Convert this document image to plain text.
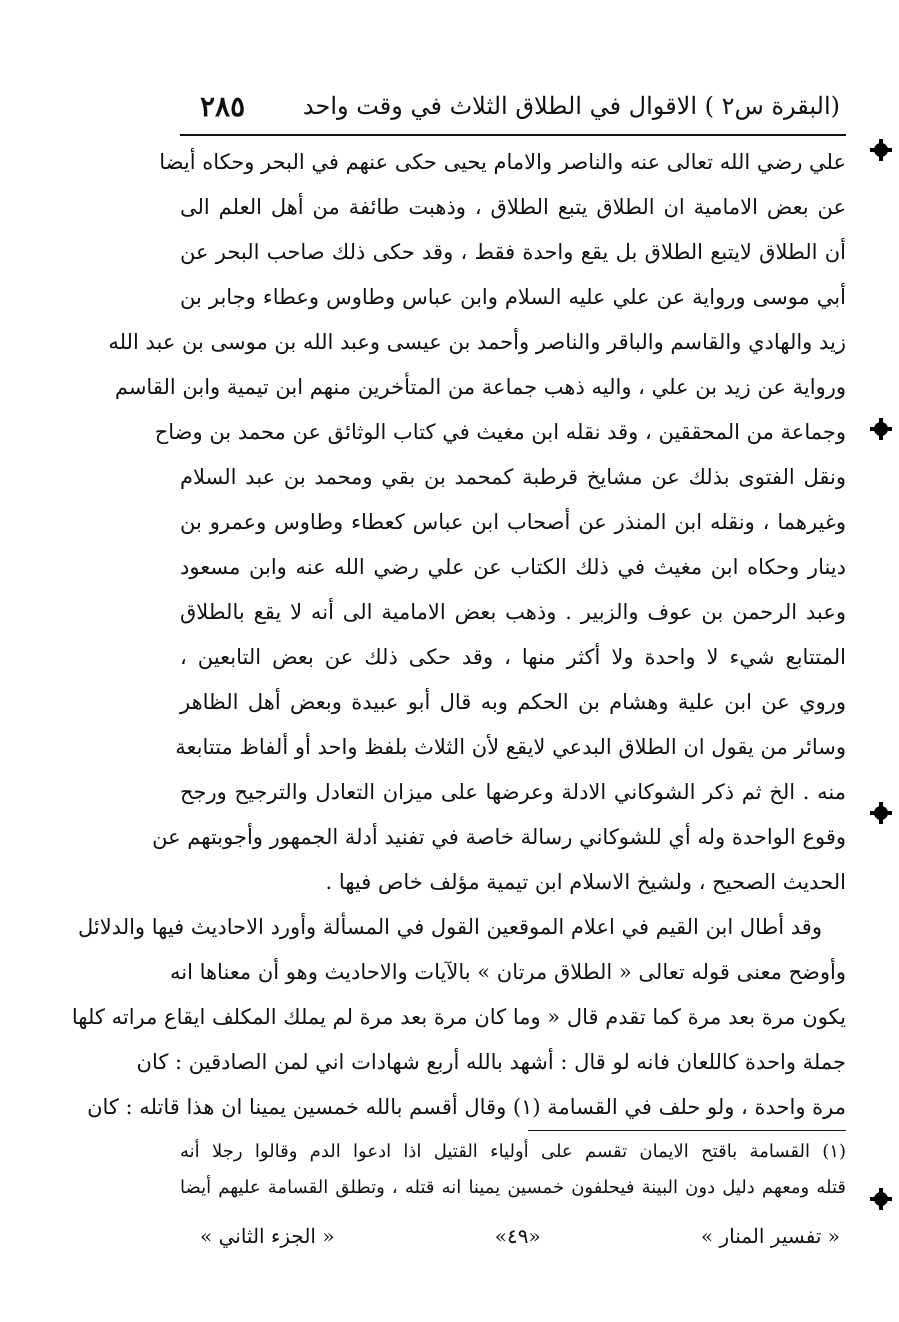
(البقرة س٢ ) الاقوال في الطلاق الثلاث في وقت واحد
٢٨٥
علي رضي الله تعالى عنه والناصر والامام يحيى حكى عنهم في البحر وحكاه أيضا
عن بعض الامامية ان الطلاق يتبع الطلاق ، وذهبت طائفة من أهل العلم الى
أن الطلاق لايتبع الطلاق بل يقع واحدة فقط ، وقد حكى ذلك صاحب البحر عن
أبي موسى ورواية عن علي عليه السلام وابن عباس وطاوس وعطاء وجابر بن
زيد والهادي والقاسم والباقر والناصر وأحمد بن عيسى وعبد الله بن موسى بن عبد الله
ورواية عن زيد بن علي ، واليه ذهب جماعة من المتأخرين منهم ابن تيمية وابن القاسم
وجماعة من المحققين ، وقد نقله ابن مغيث في كتاب الوثائق عن محمد بن وضاح
ونقل الفتوى بذلك عن مشايخ قرطبة كمحمد بن بقي ومحمد بن عبد السلام
وغيرهما ، ونقله ابن المنذر عن أصحاب ابن عباس كعطاء وطاوس وعمرو بن
دينار وحكاه ابن مغيث في ذلك الكتاب عن علي رضي الله عنه وابن مسعود
وعبد الرحمن بن عوف والزبير . وذهب بعض الامامية الى أنه لا يقع بالطلاق
المتتابع شيء لا واحدة ولا أكثر منها ، وقد حكى ذلك عن بعض التابعين ،
وروي عن ابن علية وهشام بن الحكم وبه قال أبو عبيدة وبعض أهل الظاهر
وسائر من يقول ان الطلاق البدعي لايقع لأن الثلاث بلفظ واحد أو ألفاظ متتابعة
منه . الخ ثم ذكر الشوكاني الادلة وعرضها على ميزان التعادل والترجيح ورجح
وقوع الواحدة وله أي للشوكاني رسالة خاصة في تفنيد أدلة الجمهور وأجوبتهم عن
الحديث الصحيح ، ولشيخ الاسلام ابن تيمية مؤلف خاص فيها .
وقد أطال ابن القيم في اعلام الموقعين القول في المسألة وأورد الاحاديث فيها والدلائل
وأوضح معنى قوله تعالى « الطلاق مرتان » بالآيات والاحاديث وهو أن معناها انه
يكون مرة بعد مرة كما تقدم قال « وما كان مرة بعد مرة لم يملك المكلف ايقاع مراته كلها
جملة واحدة كاللعان فانه لو قال : أشهد بالله أربع شهادات اني لمن الصادقين : كان
مرة واحدة ، ولو حلف في القسامة (١) وقال أقسم بالله خمسين يمينا ان هذا قاتله : كان
(١) القسامة باقتح الايمان تقسم على أولياء القتيل اذا ادعوا الدم وقالوا رجلا أنه
قتله ومعهم دليل دون البينة فيحلفون خمسين يمينا انه قتله ، وتطلق القسامة عليهم أيضا
« تفسير المنار »
«٤٩»
« الجزء الثاني »
